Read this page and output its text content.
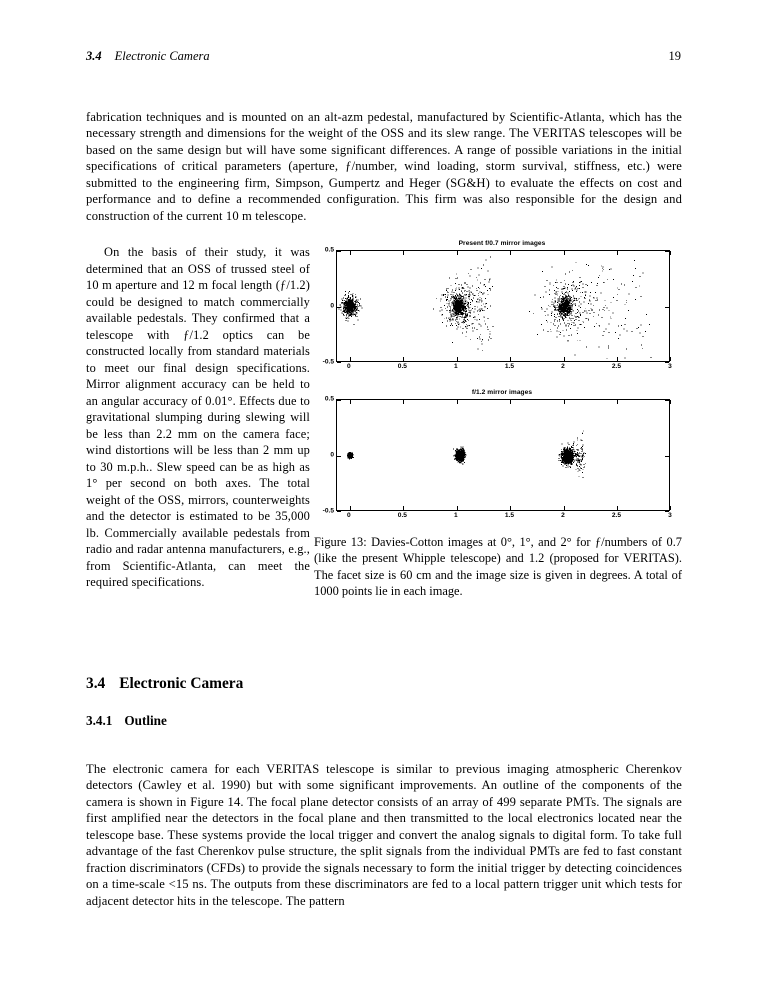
3.4 Electronic Camera	19

fabrication techniques and is mounted on an alt-azm pedestal, manufactured by Scientific-Atlanta, which has the necessary strength and dimensions for the weight of the OSS and its slew range. The VERITAS telescopes will be based on the same design but will have some significant differences. A range of possible variations in the initial specifications of critical parameters (aperture, ƒ/number, wind loading, storm survival, stiffness, etc.) were submitted to the engineering firm, Simpson, Gumpertz and Heger (SG&H) to evaluate the effects on cost and performance and to define a recommended configuration. This firm was also responsible for the design and construction of the current 10 m telescope.

On the basis of their study, it was determined that an OSS of trussed steel of 10 m aperture and 12 m focal length (ƒ/1.2) could be designed to match commercially available pedestals. They confirmed that a telescope with ƒ/1.2 optics can be constructed locally from standard materials to meet our final design specifications. Mirror alignment accuracy can be held to an angular accuracy of 0.01°. Effects due to gravitational slumping during slewing will be less than 2.2 mm on the camera face; wind distortions will be less than 2 mm up to 30 m.p.h.. Slew speed can be as high as 1° per second on both axes. The total weight of the OSS, mirrors, counterweights and the detector is estimated to be 35,000 lb. Commercially available pedestals from radio and radar antenna manufacturers, e.g., from Scientific-Atlanta, can meet the required specifications.

Present f/0.7 mirror images
0.5
0
-0.5
0	0.5	1	1.5	2	2.5	3
f/1.2 mirror images
0.5
0
-0.5
0	0.5	1	1.5	2	2.5	3
Figure 13: Davies-Cotton images at 0°, 1°, and 2° for ƒ/numbers of 0.7 (like the present Whipple telescope) and 1.2 (proposed for VERITAS). The facet size is 60 cm and the image size is given in degrees. A total of 1000 points lie in each image.
3.4 Electronic Camera
3.4.1 Outline

The electronic camera for each VERITAS telescope is similar to previous imaging atmospheric Cherenkov detectors (Cawley et al. 1990) but with some significant improvements. An outline of the components of the camera is shown in Figure 14. The focal plane detector consists of an array of 499 separate PMTs. The signals are first amplified near the detectors in the focal plane and then transmitted to the local electronics located near the telescope base. These systems provide the local trigger and convert the analog signals to digital form. To take full advantage of the fast Cherenkov pulse structure, the split signals from the individual PMTs are fed to fast constant fraction discriminators (CFDs) to provide the signals necessary to form the initial trigger by detecting coincidences on a time-scale <15 ns. The outputs from these discriminators are fed to a local pattern trigger unit which tests for adjacent detector hits in the telescope. The pattern
